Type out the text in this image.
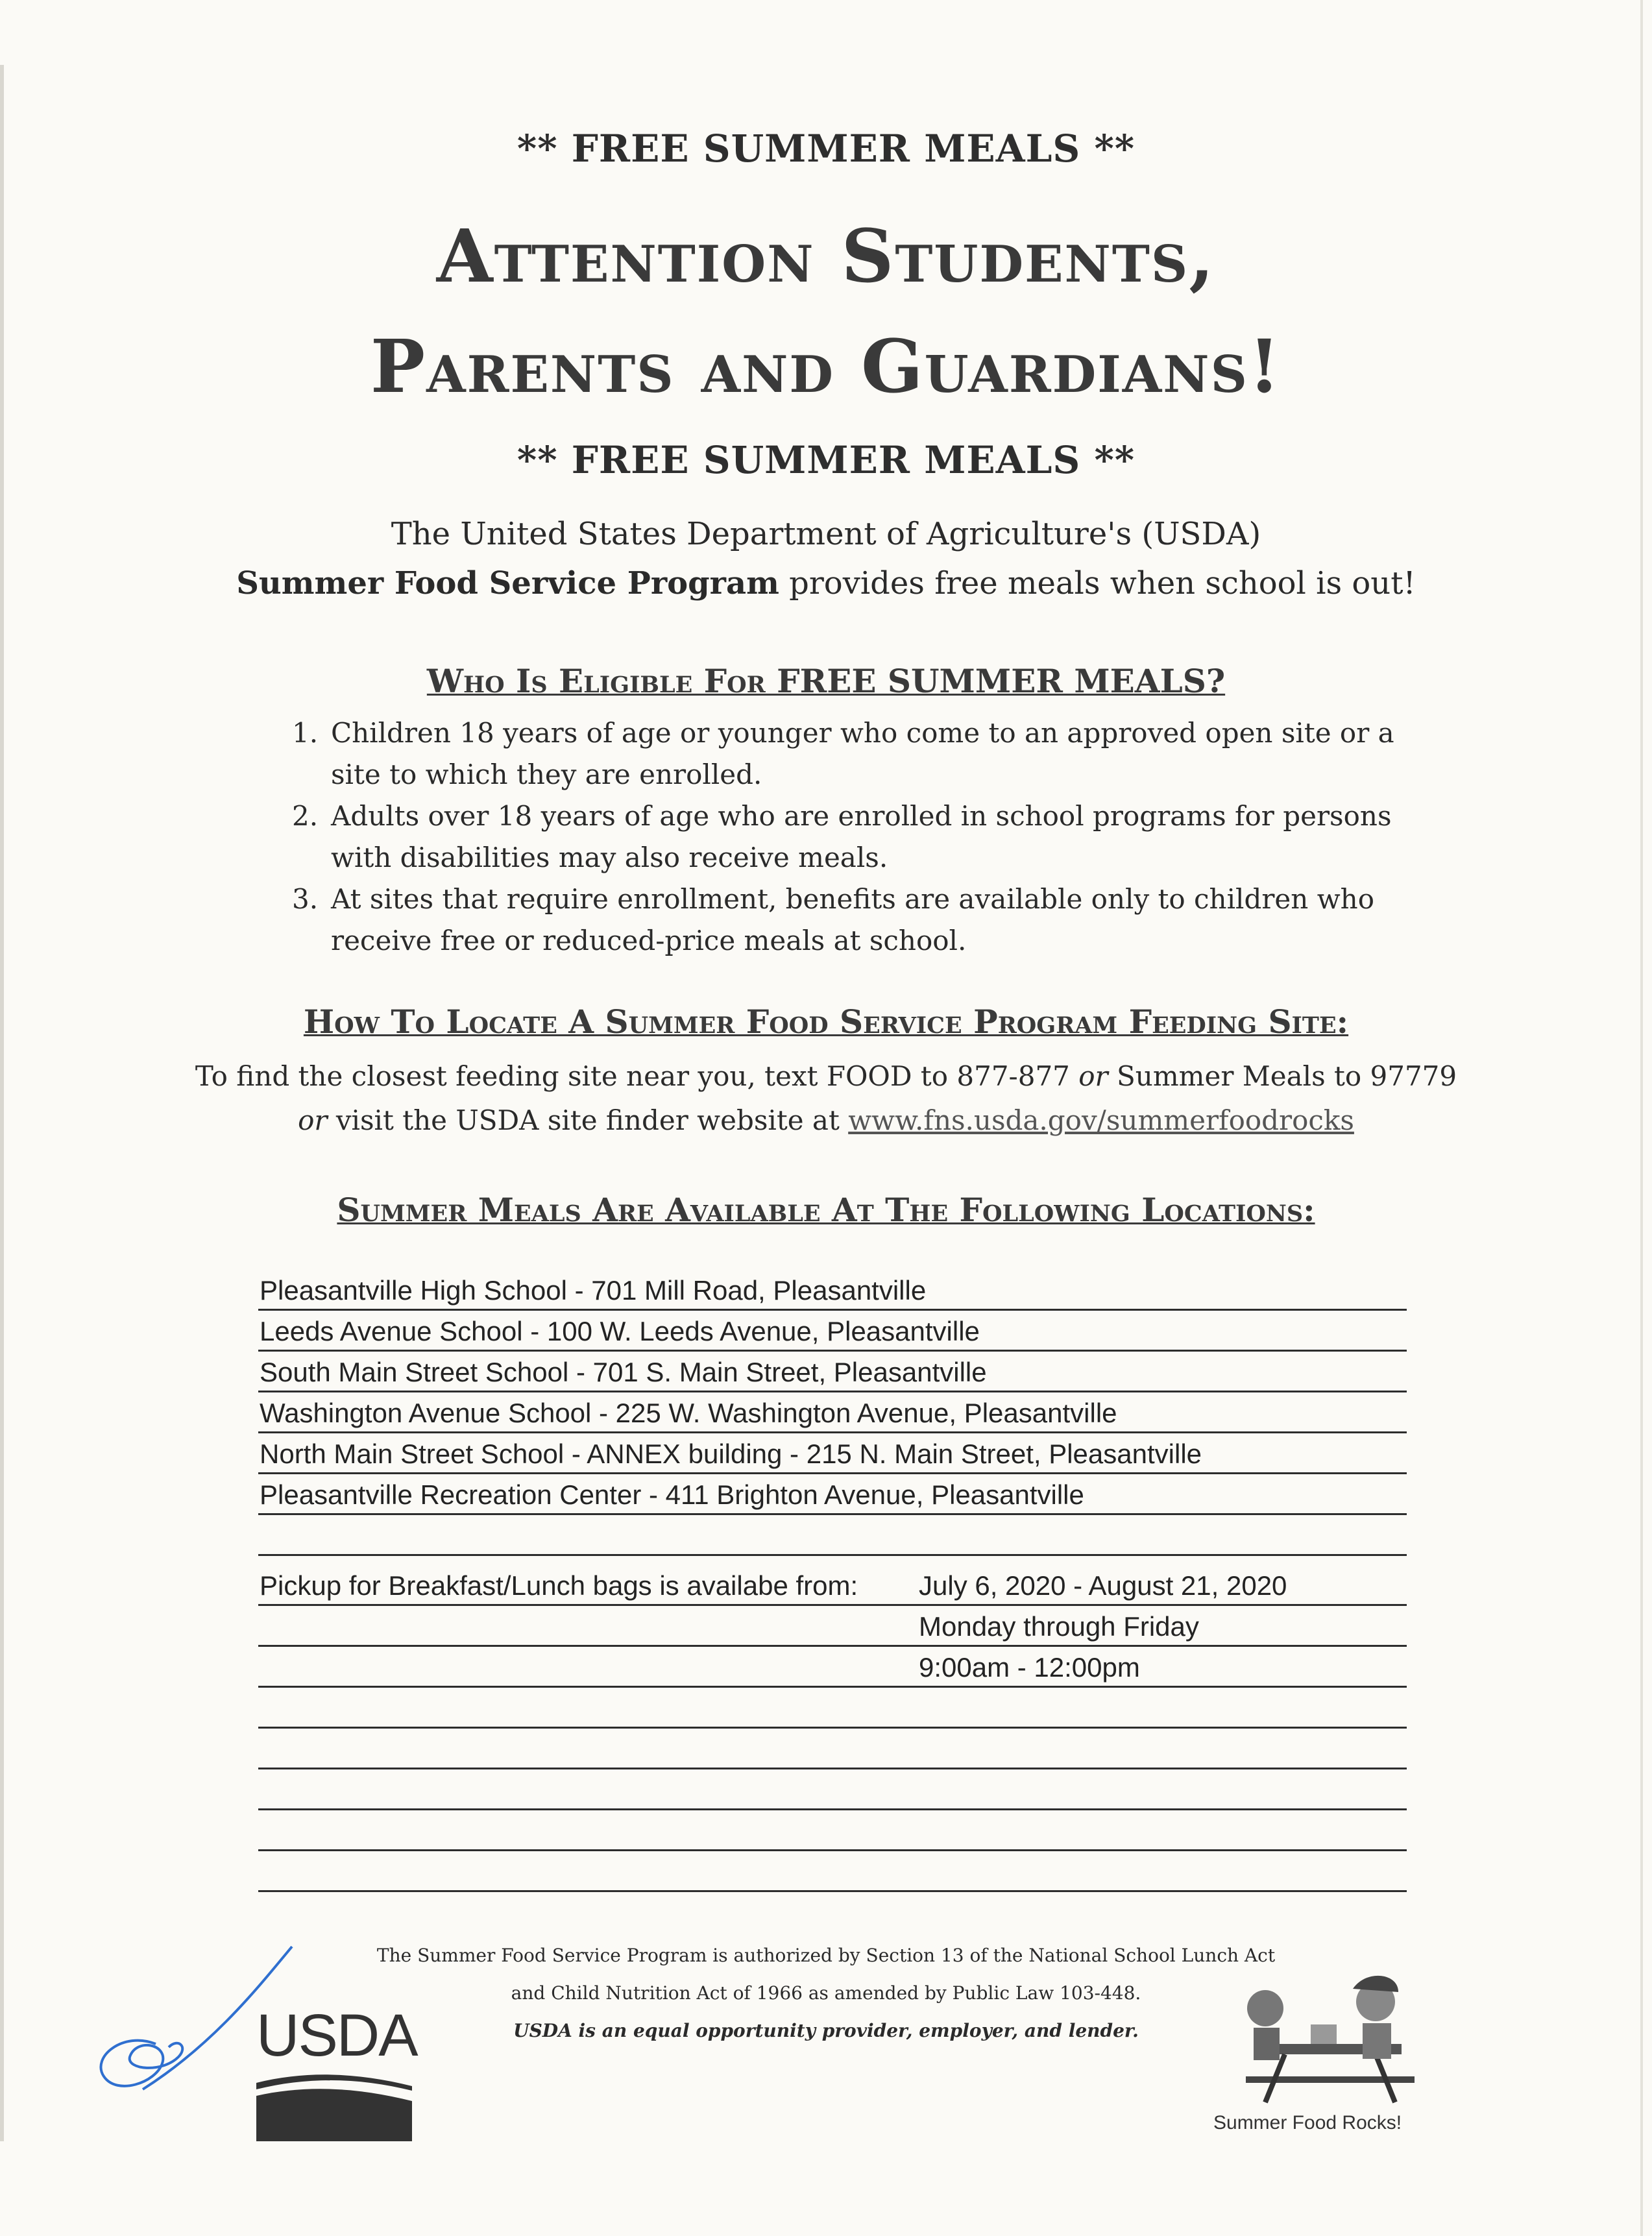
** FREE SUMMER MEALS **
Attention Students,
Parents and Guardians!
** FREE SUMMER MEALS **
The United States Department of Agriculture's (USDA)
Summer Food Service Program provides free meals when school is out!
Who Is Eligible For FREE SUMMER MEALS?
1. Children 18 years of age or younger who come to an approved open site or a site to which they are enrolled.
2. Adults over 18 years of age who are enrolled in school programs for persons with disabilities may also receive meals.
3. At sites that require enrollment, benefits are available only to children who receive free or reduced-price meals at school.
How To Locate A Summer Food Service Program Feeding Site:
To find the closest feeding site near you, text FOOD to 877-877 or Summer Meals to 97779
or visit the USDA site finder website at www.fns.usda.gov/summerfoodrocks
Summer Meals Are Available At The Following Locations:
Pleasantville High School - 701 Mill Road, Pleasantville
Leeds Avenue School - 100 W. Leeds Avenue, Pleasantville
South Main Street School - 701 S. Main Street, Pleasantville
Washington Avenue School - 225 W. Washington Avenue, Pleasantville
North Main Street School - ANNEX building - 215 N. Main Street, Pleasantville
Pleasantville Recreation Center - 411 Brighton Avenue, Pleasantville
Pickup for Breakfast/Lunch bags is availabe from: July 6, 2020 - August 21, 2020
Monday through Friday
9:00am - 12:00pm
The Summer Food Service Program is authorized by Section 13 of the National School Lunch Act
and Child Nutrition Act of 1966 as amended by Public Law 103-448.
USDA is an equal opportunity provider, employer, and lender.
USDA
Summer Food Rocks!
